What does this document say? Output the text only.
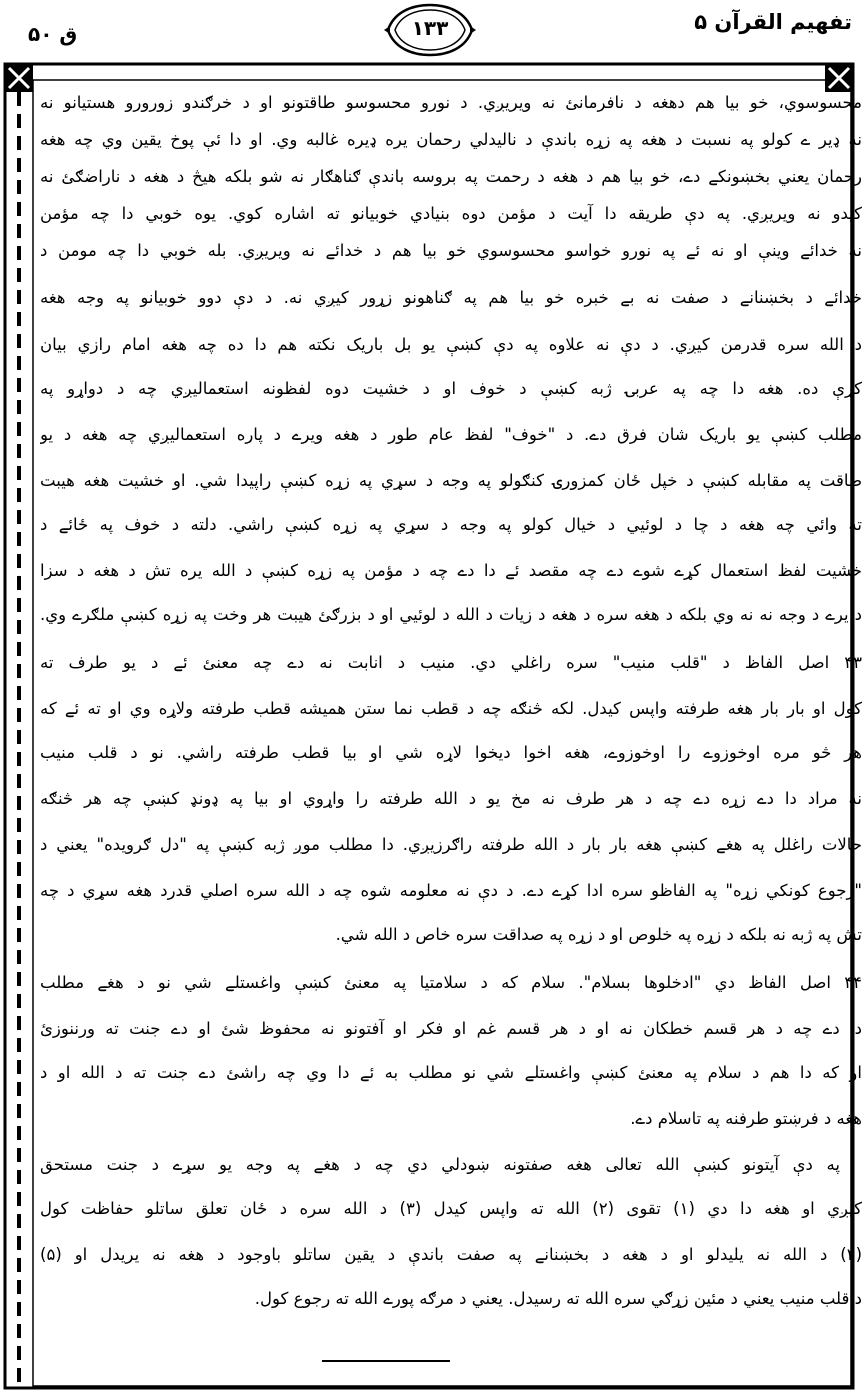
تفهیم القرآن ۵
۱۳۳
ق ۵۰
محسوسوي، خو بيا هم دهغه د نافرمانئ نه ويريږي. د نورو محسوسو طاقتونو او د خرګندو زورورو هستيانو نه
نه ډير ے کولو په نسبت د هغه په زړه باندې د ناليدلي رحمان يره ډيره غالبه وي. او دا ئې پوخ يقين وي چه هغه
رحمان يعني بخښونکے دے، خو بيا هم د هغه د رحمت په بروسه باندې ګناهګار نه شو بلکه هيڅ د هغه د ناراضګئ نه
کيدو نه ويريږي. په دې طريقه دا آيت د مؤمن دوه بنيادي خوبيانو ته اشاره کوي. يوه خوبي دا چه مؤمن
نه خدائے وينې او نه ئے په نورو خواسو محسوسوي خو بيا هم د خدائے نه ويريږي. بله خوبي دا چه مومن د
خدائے د بخښنانے د صفت نه بے خبره خو بيا هم په ګناهونو زړور کيږي نه. د دې دوو خوبيانو په وجه هغه
د الله سره قدرمن کيږي. د دې نه علاوه په دې کښې يو بل باريک نکته هم دا ده چه هغه امام رازي بيان
کړې ده. هغه دا چه په عربۍ ژبه کښې د خوف او د خشيت دوه لفظونه استعماليږي چه د دواړو په
مطلب کښې يو باريک شان فرق دے. د "خوف" لفظ عام طور د هغه ويرے د پاره استعماليږي چه هغه د يو
طاقت په مقابله کښې د خپل ځان کمزورۍ کنګولو په وجه د سړي په زړه کښې راپيدا شي. او خشيت هغه هيبت
ته وائي چه هغه د چا د لوئيي د خيال کولو په وجه د سړي په زړه کښې راشي. دلته د خوف په ځائے د
خشيت لفظ استعمال کړے شوے دے چه مقصد ئے دا دے چه د مؤمن په زړه کښې د الله يره تش د هغه د سزا
د يرے د وجه نه نه وي بلکه د هغه سره د هغه د زيات د الله د لوئيي او د بزرګئ هيبت هر وخت په زړه کښې ملګرے وي.
۴۳ اصل الفاظ د "قلب منيب" سره راغلي دي. منيب د انابت نه دے چه معنئ ئے د يو طرف ته
کول او بار بار هغه طرفته واپس کيدل. لکه څنګه چه د قطب نما ستن هميشه قطب طرفته ولاړه وي او ته ئے که
هر څو مره اوخوزوے را اوخوزوے، هغه اخوا ديخوا لاړه شي او بيا قطب طرفته راشي. نو د قلب منيب
نه مراد دا دے زړه دے چه د هر طرف نه مخ يو د الله طرفته را واړوي او بيا په ډونډ کښې چه هر څنګه
حالات راغلل په هغے کښې هغه بار بار د الله طرفته راګرزيږي. دا مطلب موږ ژبه کښې په "دل ګرويده" يعني د
"رجوع کونکي زړه" په الفاظو سره ادا کړے دے. د دې نه معلومه شوه چه د الله سره اصلي قدرد هغه سړي د چه
تش په ژبه نه بلکه د زړه په خلوص او د زړه په صداقت سره خاص د الله شي.
۴۴ اصل الفاظ دي "ادخلوها بسلام". سلام که د سلامتيا په معنئ کښې واغستلے شي نو د هغے مطلب
دا دے چه د هر قسم خطکان نه او د هر قسم غم او فکر او آفتونو نه محفوظ شئ او دے جنت ته ورننوزئ
او که دا هم د سلام په معنئ کښې واغستلے شي نو مطلب به ئے دا وي چه راشئ دے جنت ته د الله او د
هغه د فرښتو طرفنه په تاسلام دے.
په دې آيتونو کښې الله تعالی هغه صفتونه ښودلي دي چه د هغے په وجه يو سړے د جنت مستحق
کيږي او هغه دا دي (۱) تقوی (۲) الله ته واپس کيدل (۳) د الله سره د ځان تعلق ساتلو حفاظت کول
(۴) د الله نه يليدلو او د هغه د بخښنانے په صفت باندې د يقين ساتلو باوجود د هغه نه يريدل او (۵)
د قلب منيب يعني د مئين زړګي سره الله ته رسيدل. يعني د مرګه پورے الله ته رجوع کول.
